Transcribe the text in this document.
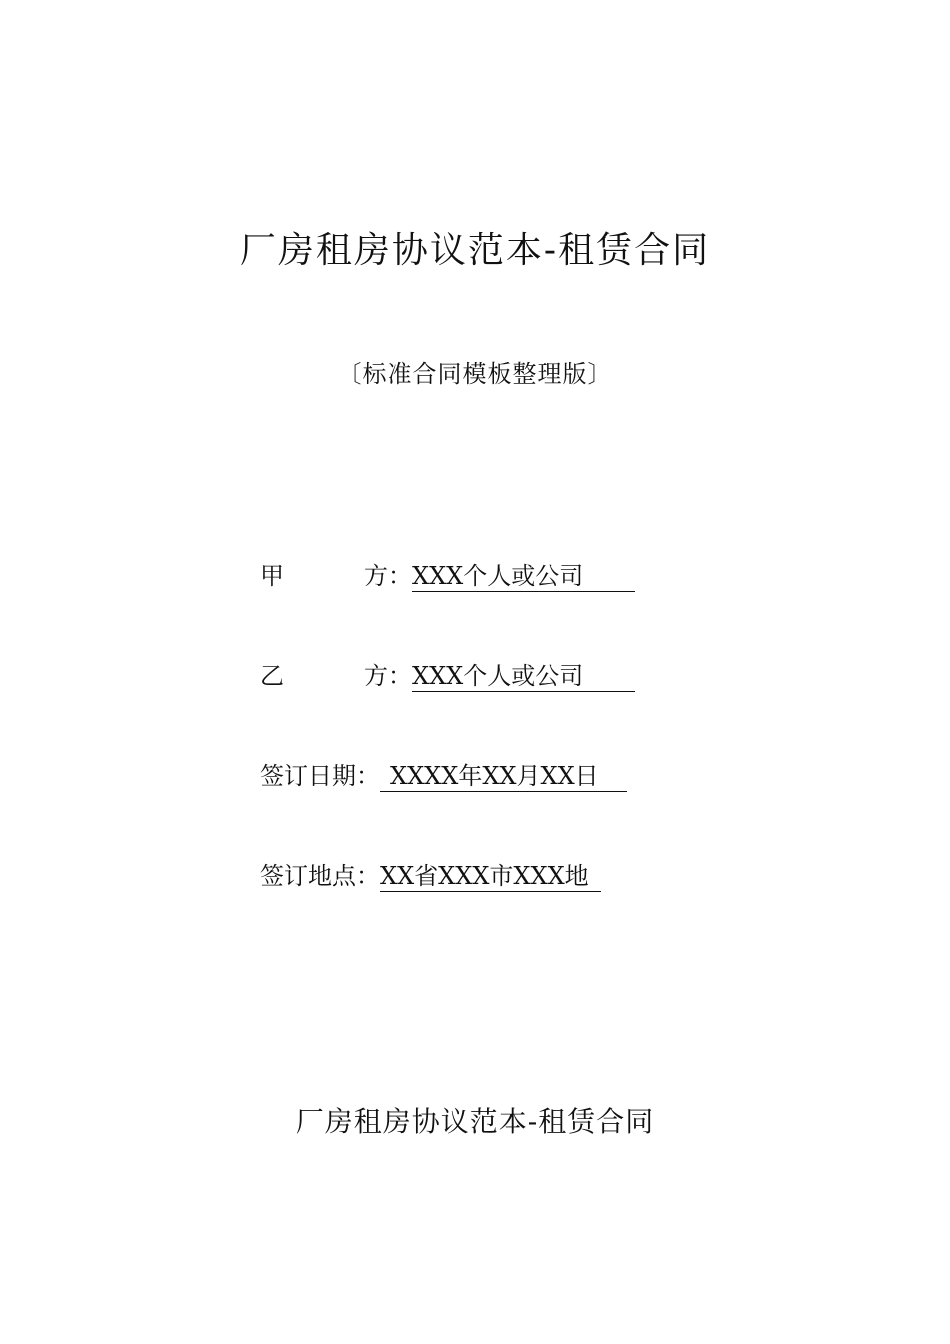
厂房租房协议范本-租赁合同
〔标准合同模板整理版〕
甲	方 ： XXX个人或公司
乙	方 ： XXX个人或公司
签订日期： XXXX年XX月XX日
签订地点： XX省XXX市XXX地
厂房租房协议范本-租赁合同
